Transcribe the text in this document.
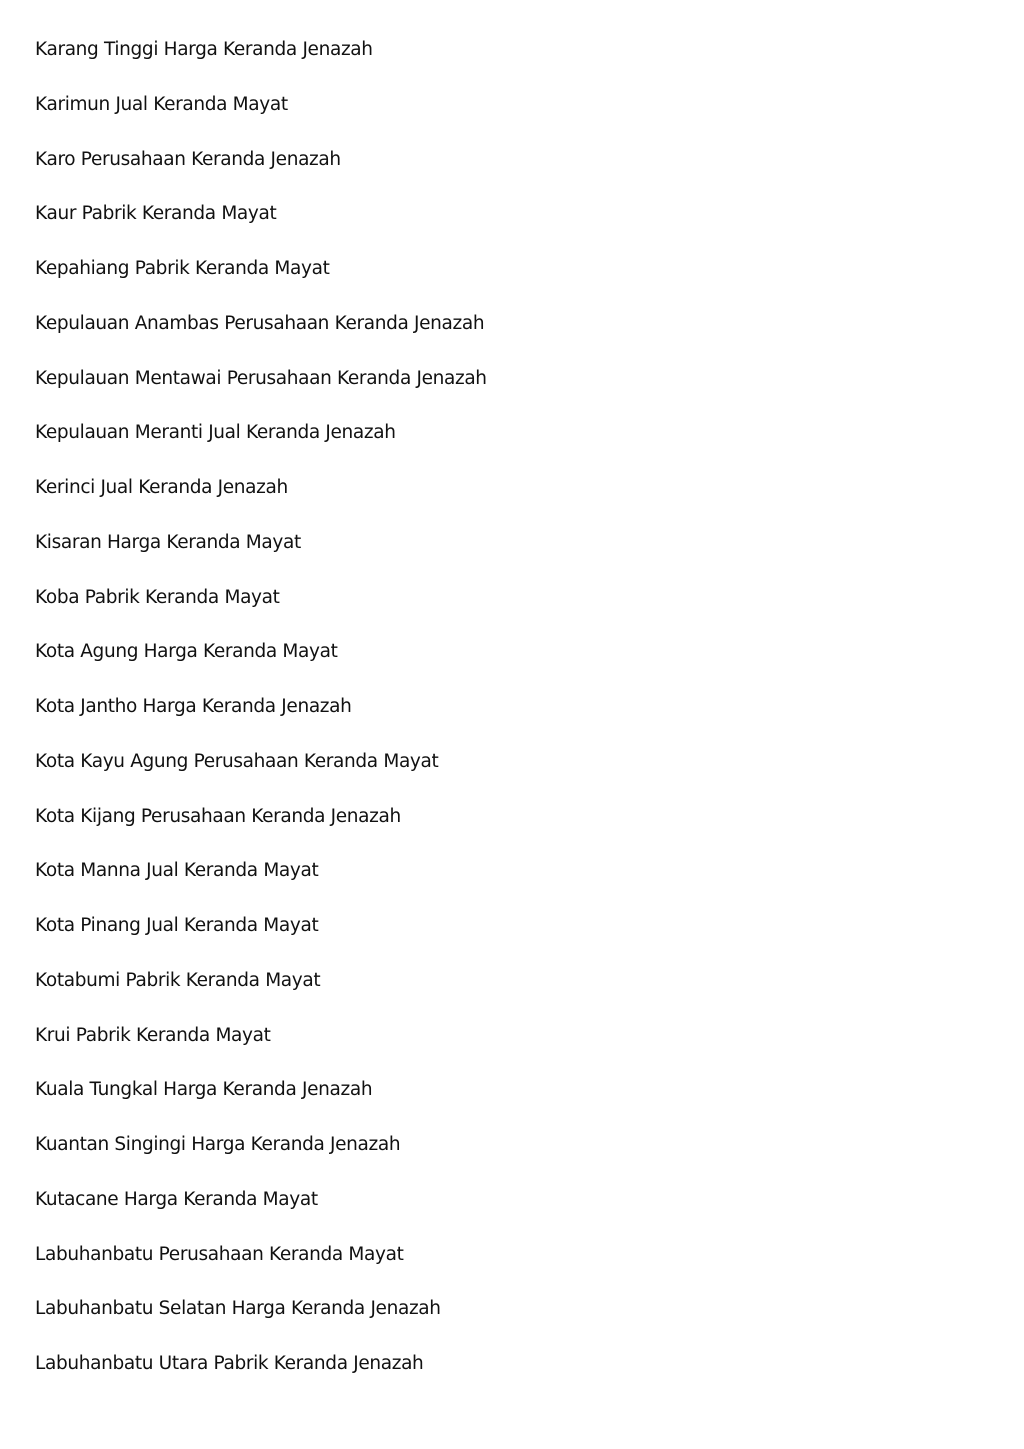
Karang Tinggi Harga Keranda Jenazah
Karimun Jual Keranda Mayat
Karo Perusahaan Keranda Jenazah
Kaur Pabrik Keranda Mayat
Kepahiang Pabrik Keranda Mayat
Kepulauan Anambas Perusahaan Keranda Jenazah
Kepulauan Mentawai Perusahaan Keranda Jenazah
Kepulauan Meranti Jual Keranda Jenazah
Kerinci Jual Keranda Jenazah
Kisaran Harga Keranda Mayat
Koba Pabrik Keranda Mayat
Kota Agung Harga Keranda Mayat
Kota Jantho Harga Keranda Jenazah
Kota Kayu Agung Perusahaan Keranda Mayat
Kota Kijang Perusahaan Keranda Jenazah
Kota Manna Jual Keranda Mayat
Kota Pinang Jual Keranda Mayat
Kotabumi Pabrik Keranda Mayat
Krui Pabrik Keranda Mayat
Kuala Tungkal Harga Keranda Jenazah
Kuantan Singingi Harga Keranda Jenazah
Kutacane Harga Keranda Mayat
Labuhanbatu Perusahaan Keranda Mayat
Labuhanbatu Selatan Harga Keranda Jenazah
Labuhanbatu Utara Pabrik Keranda Jenazah
